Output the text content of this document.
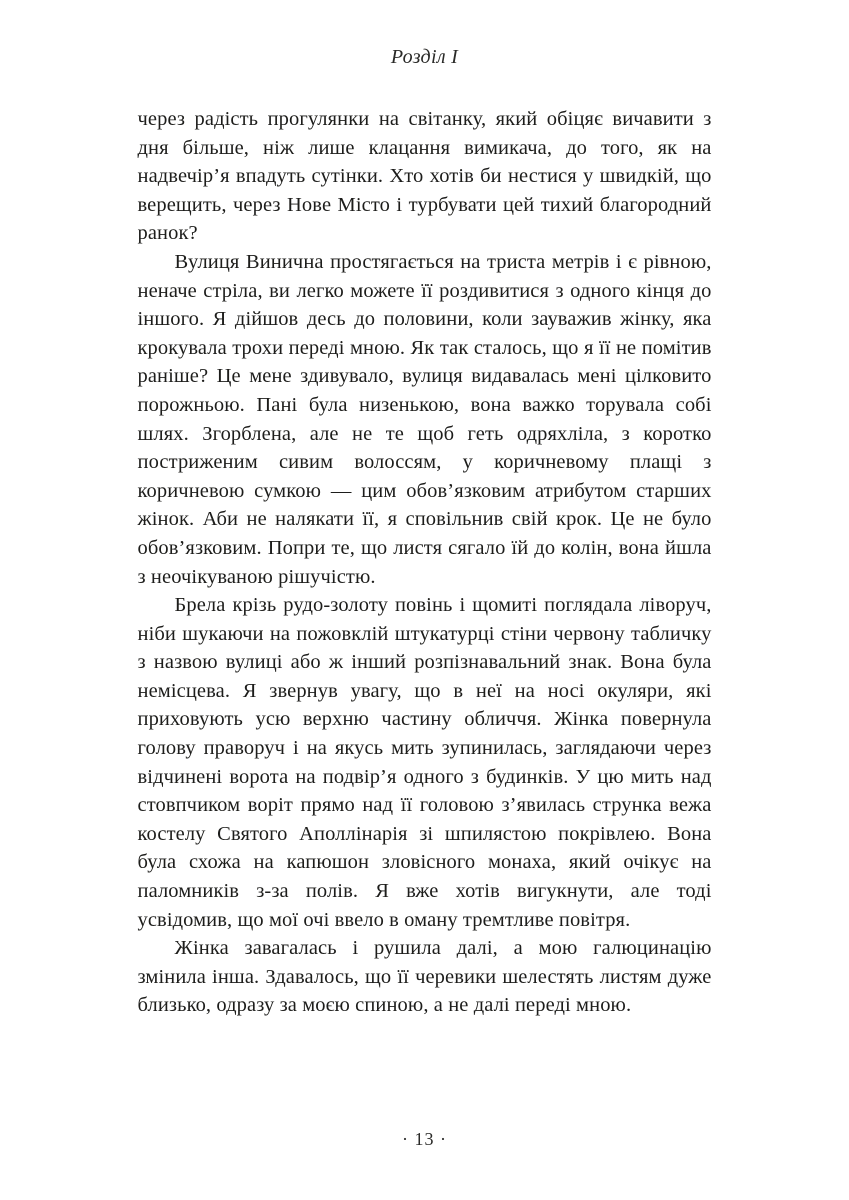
Розділ I

через радість прогулянки на світанку, який обіцяє вичавити з дня більше, ніж лише клацання вимикача, до того, як на надвечір’я впадуть сутінки. Хто хотів би нестися у швидкій, що верещить, через Нове Місто і турбувати цей тихий благородний ранок?

Вулиця Винична простягається на триста метрів і є рівною, неначе стріла, ви легко можете її роздивитися з одного кінця до іншого. Я дійшов десь до половини, коли зауважив жінку, яка крокувала трохи переді мною. Як так сталось, що я її не помітив раніше? Це мене здивувало, вулиця видавалась мені цілковито порожньою. Пані була низенькою, вона важко торувала собі шлях. Згорблена, але не те щоб геть одряхліла, з коротко постриженим сивим волоссям, у коричневому плащі з коричневою сумкою — цим обов’язковим атрибутом старших жінок. Аби не налякати її, я сповільнив свій крок. Це не було обов’язковим. Попри те, що листя сягало їй до колін, вона йшла з неочікуваною рішучістю.

Брела крізь рудо-золоту повінь і щомиті поглядала ліворуч, ніби шукаючи на пожовклій штукатурці стіни червону табличку з назвою вулиці або ж інший розпізнавальний знак. Вона була немісцева. Я звернув увагу, що в неї на носі окуляри, які приховують усю верхню частину обличчя. Жінка повернула голову праворуч і на якусь мить зупинилась, заглядаючи через відчинені ворота на подвір’я одного з будинків. У цю мить над стовпчиком воріт прямо над її головою з’явилась струнка вежа костелу Святого Аполлінарія зі шпилястою покрівлею. Вона була схожа на капюшон зловісного монаха, який очікує на паломників з-за полів. Я вже хотів вигукнути, але тоді усвідомив, що мої очі ввело в оману тремтливе повітря.

Жінка завагалась і рушила далі, а мою галюцинацію змінила інша. Здавалось, що її черевики шелестять листям дуже близько, одразу за моєю спиною, а не далі переді мною.

· 13 ·
